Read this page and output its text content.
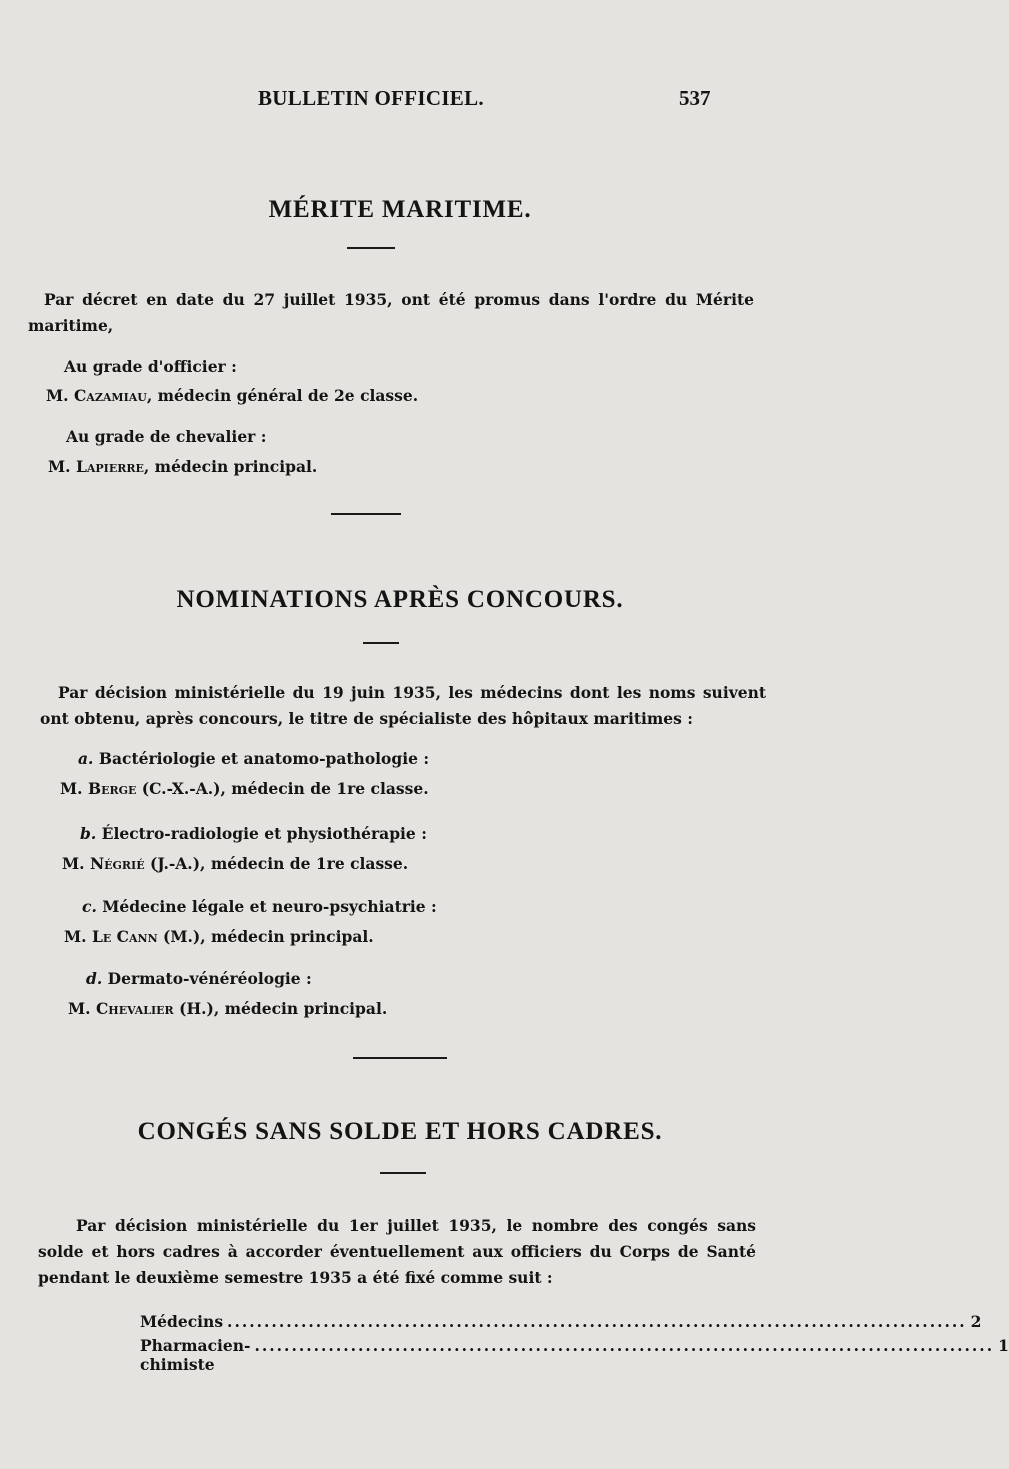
BULLETIN OFFICIEL.	537
MÉRITE MARITIME.
Par décret en date du 27 juillet 1935, ont été promus dans l'ordre du Mérite maritime,
Au grade d'officier :
M. Cazamiau, médecin général de 2e classe.
Au grade de chevalier :
M. Lapierre, médecin principal.
NOMINATIONS APRÈS CONCOURS.
Par décision ministérielle du 19 juin 1935, les médecins dont les noms suivent ont obtenu, après concours, le titre de spécialiste des hôpitaux maritimes :
a. Bactériologie et anatomo-pathologie :
M. Berge (C.-X.-A.), médecin de 1re classe.
b. Électro-radiologie et physiothérapie :
M. Négrié (J.-A.), médecin de 1re classe.
c. Médecine légale et neuro-psychiatrie :
M. Le Cann (M.), médecin principal.
d. Dermato-vénéréologie :
M. Chevalier (H.), médecin principal.
CONGÉS SANS SOLDE ET HORS CADRES.
Par décision ministérielle du 1er juillet 1935, le nombre des congés sans solde et hors cadres à accorder éventuellement aux officiers du Corps de Santé pendant le deuxième semestre 1935 a été fixé comme suit :
Médecins .................................................................................................... 2
Pharmacien-chimiste
.................................................................................................... 1
